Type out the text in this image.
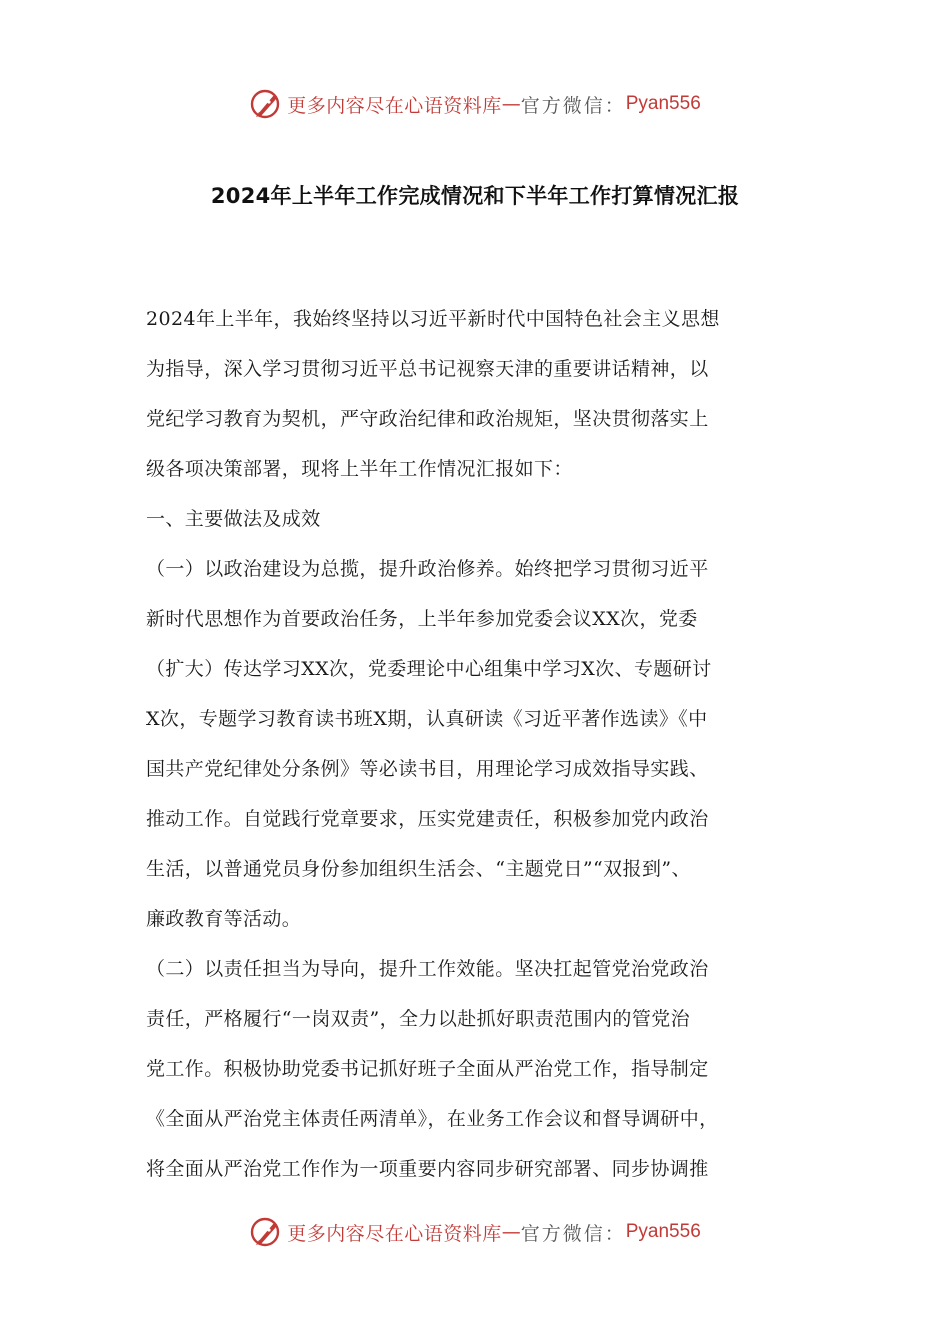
更多内容尽在心语资料库 — 官方微信： Pyan556
2024年上半年工作完成情况和下半年工作打算情况汇报
2024年上半年，我始终坚持以习近平新时代中国特色社会主义思想
为指导，深入学习贯彻习近平总书记视察天津的重要讲话精神，以
党纪学习教育为契机，严守政治纪律和政治规矩，坚决贯彻落实上
级各项决策部署，现将上半年工作情况汇报如下：
一、主要做法及成效
（一）以政治建设为总揽，提升政治修养。始终把学习贯彻习近平
新时代思想作为首要政治任务，上半年参加党委会议XX次，党委
（扩大）传达学习XX次，党委理论中心组集中学习X次、专题研讨
X次，专题学习教育读书班X期，认真研读《习近平著作选读》《中
国共产党纪律处分条例》等必读书目，用理论学习成效指导实践、
推动工作。自觉践行党章要求，压实党建责任，积极参加党内政治
生活，以普通党员身份参加组织生活会、“主题党日”“双报到”、
廉政教育等活动。
（二）以责任担当为导向，提升工作效能。坚决扛起管党治党政治
责任，严格履行“一岗双责”，全力以赴抓好职责范围内的管党治
党工作。积极协助党委书记抓好班子全面从严治党工作，指导制定
《全面从严治党主体责任两清单》，在业务工作会议和督导调研中，
将全面从严治党工作作为一项重要内容同步研究部署、同步协调推
更多内容尽在心语资料库 — 官方微信： Pyan556
